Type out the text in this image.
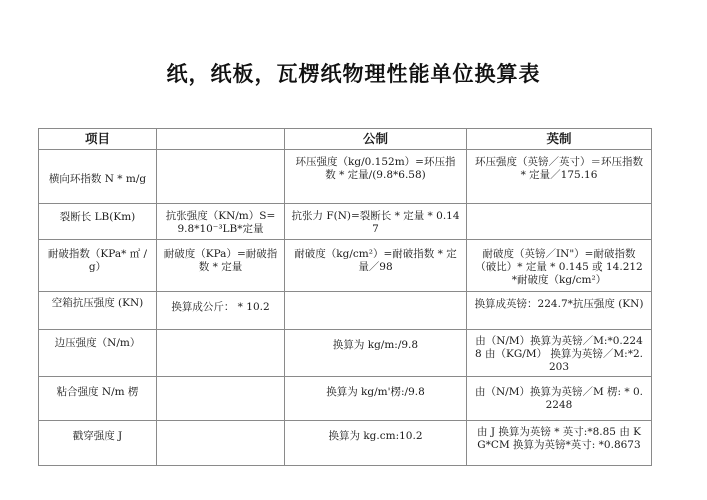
纸，纸板，瓦楞纸物理性能单位换算表
项目		公制	英制
横向环指数 N * m/g		环压强度（kg/0.152m）=环压指数 * 定量/(9.8*6.58)	环压强度（英镑／英寸）＝环压指数 * 定量／175.16
裂断长 LB(Km)	抗张强度（KN/m）S=9.8*10⁻³LB*定量	抗张力 F(N)=裂断长 * 定量 * 0.147	
耐破指数（KPa* ㎡ /g）	耐破度（KPa）=耐破指数 * 定量	耐破度（kg/cm²）=耐破指数 * 定量／98	耐破度（英镑／IN"）=耐破指数（破比）* 定量 * 0.145 或 14.212*耐破度（kg/cm²）
空箱抗压强度 (KN)	换算成公斤： * 10.2		换算成英镑：224.7*抗压强度 (KN)
边压强度（N/m）		换算为 kg/m:/9.8	由（N/M）换算为英镑／M:*0.2248 由（KG/M） 换算为英镑／M:*2.203
粘合强度 N/m 楞		换算为 kg/m'楞:/9.8	由（N/M）换算为英镑／M 楞: * 0.2248
戳穿强度 J		换算为 kg.cm:10.2	由 J 换算为英镑 * 英寸:*8.85 由 KG*CM 换算为英镑*英寸: *0.8673
